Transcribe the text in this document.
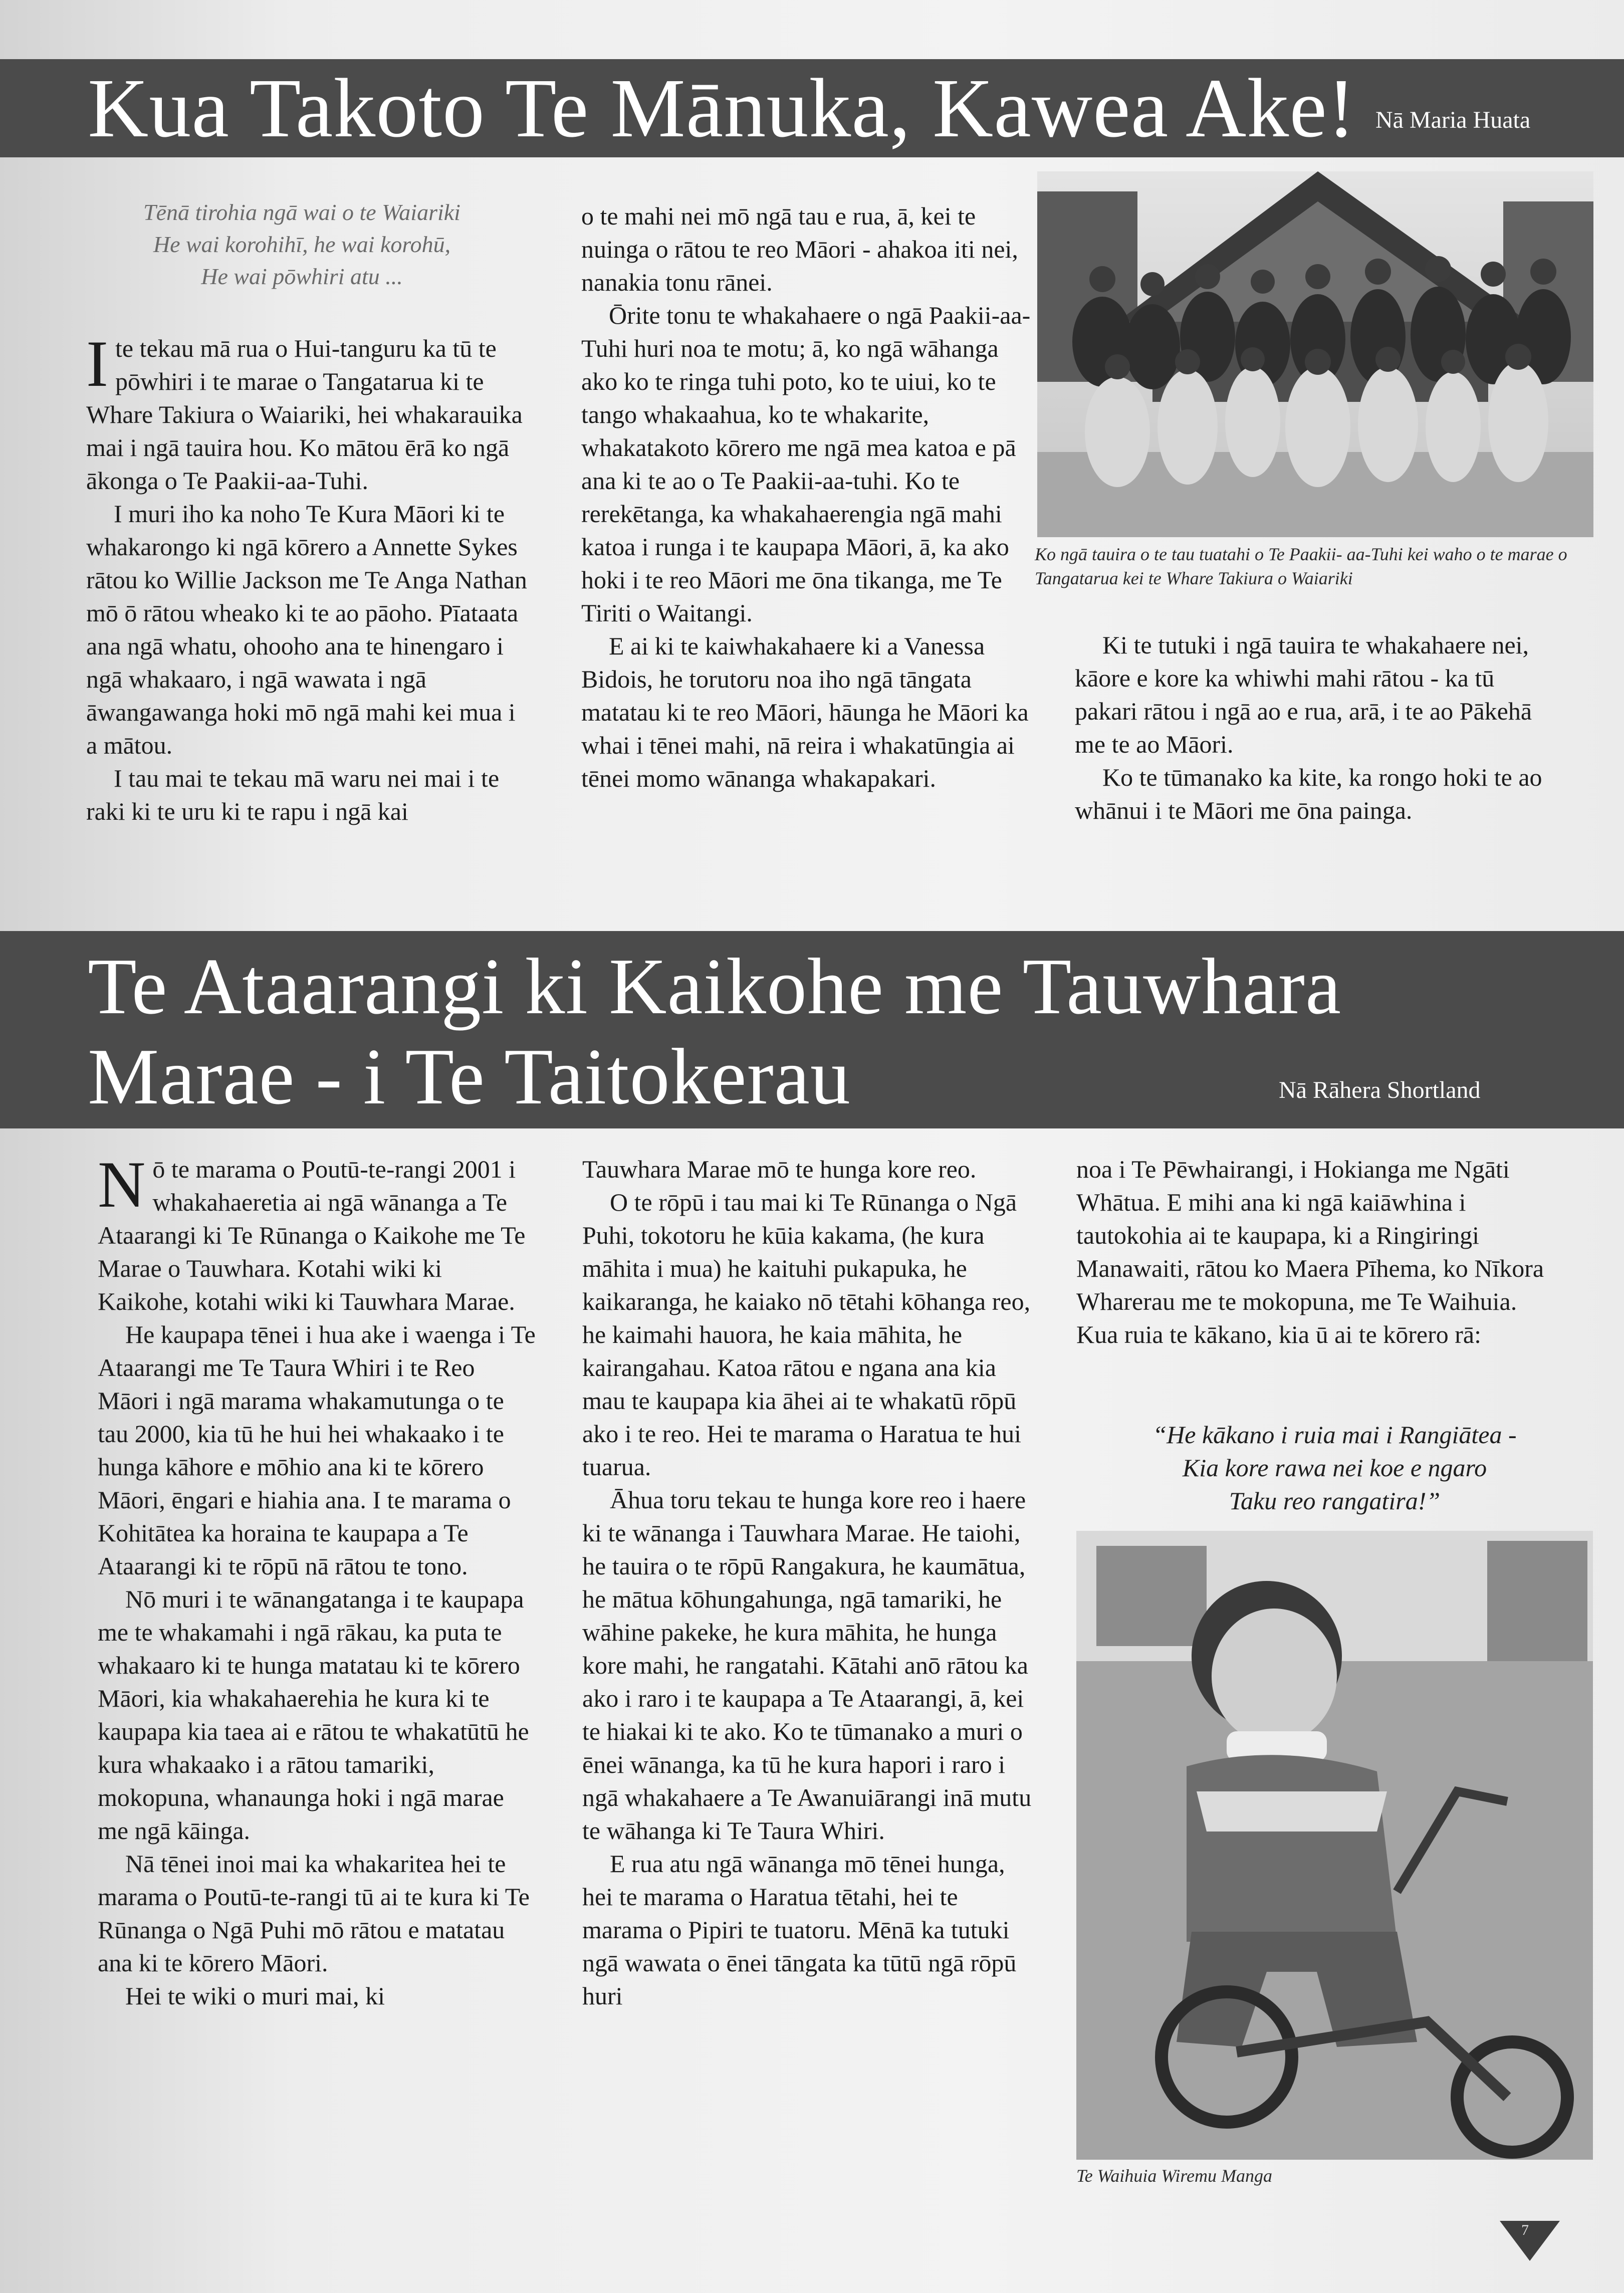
Kua Takoto Te Mānuka, Kawea Ake! Nā Maria Huata
Tēnā tirohia ngā wai o te Waiariki
He wai korohihī, he wai korohū,
He wai pōwhiri atu ...

Ite tekau mā rua o Hui-tanguru ka tū te pōwhiri i te marae o Tangatarua ki te Whare Takiura o Waiariki, hei whakarauika mai i ngā tauira hou. Ko mātou ērā ko ngā ākonga o Te Paakii-aa-Tuhi.

I muri iho ka noho Te Kura Māori ki te whakarongo ki ngā kōrero a Annette Sykes rātou ko Willie Jackson me Te Anga Nathan mō ō rātou wheako ki te ao pāoho. Pīataata ana ngā whatu, ohooho ana te hinengaro i ngā whakaaro, i ngā wawata i ngā āwangawanga hoki mō ngā mahi kei mua i a mātou.

I tau mai te tekau mā waru nei mai i te raki ki te uru ki te rapu i ngā kai

o te mahi nei mō ngā tau e rua, ā, kei te nuinga o rātou te reo Māori - ahakoa iti nei, nanakia tonu rānei.

Ōrite tonu te whakahaere o ngā Paakii-aa-Tuhi huri noa te motu; ā, ko ngā wāhanga ako ko te ringa tuhi poto, ko te uiui, ko te tango whakaahua, ko te whakarite, whakatakoto kōrero me ngā mea katoa e pā ana ki te ao o Te Paakii-aa-tuhi. Ko te rerekētanga, ka whakahaerengia ngā mahi katoa i runga i te kaupapa Māori, ā, ka ako hoki i te reo Māori me ōna tikanga, me Te Tiriti o Waitangi.

E ai ki te kaiwhakahaere ki a Vanessa Bidois, he torutoru noa iho ngā tāngata matatau ki te reo Māori, hāunga he Māori ka whai i tēnei mahi, nā reira i whakatūngia ai tēnei momo wānanga whakapakari.

Ko ngā tauira o te tau tuatahi o Te Paakii- aa-Tuhi kei waho o te marae o Tangatarua kei te Whare Takiura o Waiariki

Ki te tutuki i ngā tauira te whakahaere nei, kāore e kore ka whiwhi mahi rātou - ka tū pakari rātou i ngā ao e rua, arā, i te ao Pākehā me te ao Māori.

Ko te tūmanako ka kite, ka rongo hoki te ao whānui i te Māori me ōna painga.

Te Ataarangi ki Kaikohe me Tauwhara
Marae - i Te Taitokerau	Nā Rāhera Shortland

Nō te marama o Poutū-te-rangi 2001 i whakahaeretia ai ngā wānanga a Te Ataarangi ki Te Rūnanga o Kaikohe me Te Marae o Tauwhara. Kotahi wiki ki Kaikohe, kotahi wiki ki Tauwhara Marae.

He kaupapa tēnei i hua ake i waenga i Te Ataarangi me Te Taura Whiri i te Reo Māori i ngā marama whakamutunga o te tau 2000, kia tū he hui hei whakaako i te hunga kāhore e mōhio ana ki te kōrero Māori, ēngari e hiahia ana. I te marama o Kohitātea ka horaina te kaupapa a Te Ataarangi ki te rōpū nā rātou te tono.

Nō muri i te wānangatanga i te kaupapa me te whakamahi i ngā rākau, ka puta te whakaaro ki te hunga matatau ki te kōrero Māori, kia whakahaerehia he kura ki te kaupapa kia taea ai e rātou te whakatūtū he kura whakaako i a rātou tamariki, mokopuna, whanaunga hoki i ngā marae me ngā kāinga.

Nā tēnei inoi mai ka whakaritea hei te marama o Poutū-te-rangi tū ai te kura ki Te Rūnanga o Ngā Puhi mō rātou e matatau ana ki te kōrero Māori.

Hei te wiki o muri mai, ki

Tauwhara Marae mō te hunga kore reo.

O te rōpū i tau mai ki Te Rūnanga o Ngā Puhi, tokotoru he kūia kakama, (he kura māhita i mua) he kaituhi pukapuka, he kaikaranga, he kaiako nō tētahi kōhanga reo, he kaimahi hauora, he kaia māhita, he kairangahau. Katoa rātou e ngana ana kia mau te kaupapa kia āhei ai te whakatū rōpū ako i te reo. Hei te marama o Haratua te hui tuarua.

Āhua toru tekau te hunga kore reo i haere ki te wānanga i Tauwhara Marae. He taiohi, he tauira o te rōpū Rangakura, he kaumātua, he mātua kōhungahunga, ngā tamariki, he wāhine pakeke, he kura māhita, he hunga kore mahi, he rangatahi. Kātahi anō rātou ka ako i raro i te kaupapa a Te Ataarangi, ā, kei te hiakai ki te ako. Ko te tūmanako a muri o ēnei wānanga, ka tū he kura hapori i raro i ngā whakahaere a Te Awanuiārangi inā mutu te wāhanga ki Te Taura Whiri.

E rua atu ngā wānanga mō tēnei hunga, hei te marama o Haratua tētahi, hei te marama o Pipiri te tuatoru. Mēnā ka tutuki ngā wawata o ēnei tāngata ka tūtū ngā rōpū huri

noa i Te Pēwhairangi, i Hokianga me Ngāti Whātua. E mihi ana ki ngā kaiāwhina i tautokohia ai te kaupapa, ki a Ringiringi Manawaiti, rātou ko Maera Pīhema, ko Nīkora Wharerau me te mokopuna, me Te Waihuia. Kua ruia te kākano, kia ū ai te kōrero rā:

“He kākano i ruia mai i Rangiātea -
Kia kore rawa nei koe e ngaro
Taku reo rangatira!”
Te Waihuia Wiremu Manga
7
